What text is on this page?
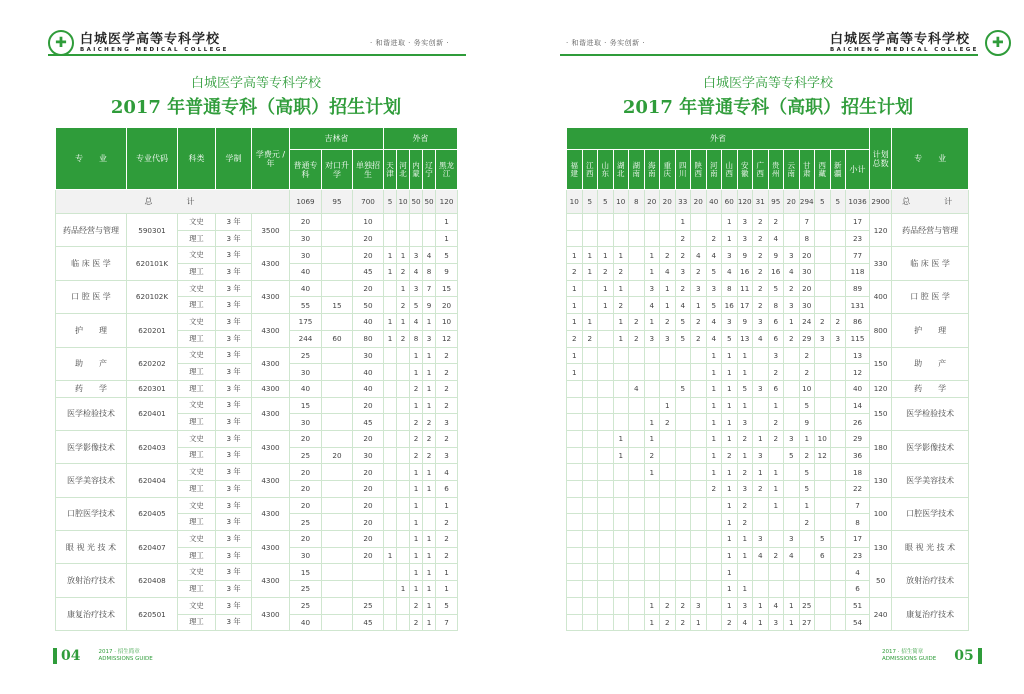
✚	白城医学高等专科学校
BAICHENG MEDICAL COLLEGE
· 和谐进取 · 务实创新 ·
白城医学高等专科学校
2017 年普通专科（高职）招生计划
专　　业	专业代码	科类	学制	学费元 / 年	吉林省			外省				
					普通专科	对口升学	单独招生	天津	河北	内蒙	辽宁	黑龙江
总　　计					1069	95	700	5	10	50	50	120
药品经营与管理	590301	文史	3 年	3500	20		10					1
		理工	3 年		30		20					1
临 床 医 学	620101K	文史	3 年	4300	30		20	1	1	3	4	5
		理工	3 年		40		45	1	2	4	8	9
口 腔 医 学	620102K	文史	3 年	4300	40		20		1	3	7	15
		理工	3 年		55	15	50		2	5	9	20
护　　理	620201	文史	3 年	4300	175		40	1	1	4	1	10
		理工	3 年		244	60	80	1	2	8	3	12
助　　产	620202	文史	3 年	4300	25		30			1	1	2
		理工	3 年		30		40			1	1	2
药　　学	620301	理工	3 年	4300	40		40			2	1	2
医学检验技术	620401	文史	3 年	4300	15		20			1	1	2
		理工	3 年		30		45			2	2	3
医学影像技术	620403	文史	3 年	4300	20		20			2	2	2
		理工	3 年		25	20	30			2	2	3
医学美容技术	620404	文史	3 年	4300	20		20			1	1	4
		理工	3 年		20		20			1	1	6
口腔医学技术	620405	文史	3 年	4300	20		20			1		1
		理工	3 年		25		20			1		2
眼 视 光 技 术	620407	文史	3 年	4300	20		20			1	1	2
		理工	3 年		30		20	1		1	1	2
放射治疗技术	620408	文史	3 年	4300	15					1	1	1
		理工	3 年		25				1	1	1	1
康复治疗技术	620501	文史	3 年	4300	25		25			2	1	5
		理工	3 年		40		45			2	1	7
04	2017 · 招生简章
ADMISSIONS GUIDE
· 和谐进取 · 务实创新 ·	白城医学高等专科学校
BAICHENG MEDICAL COLLEGE ✚
白城医学高等专科学校
2017 年普通专科（高职）招生计划
外省																			计划总数	专　　业
福建	江西	山东	湖北	湖南	海南	重庆	四川	陕西	河南	山西	安徽	广西	贵州	云南	甘肃	西藏	新疆	小计		
10	5	5	10	8	20	20	33	20	40	60	120	31	95	20	294	5	5	1036	2900	总　　计
							1			1	3	2	2		7			17	120	药品经营与管理
							2		2	1	3	2	4		8			23		
1	1	1	1		1	2	2	4	4	3	9	2	9	3	20			77	330	临 床 医 学
2	1	2	2		1	4	3	2	5	4	16	2	16	4	30			118		
1		1	1		3	1	2	3	3	8	11	2	5	2	20			89	400	口 腔 医 学
1		1	2		4	1	4	1	5	16	17	2	8	3	30			131		
1	1		1	2	1	2	5	2	4	3	9	3	6	1	24	2	2	86	800	护　　理
2	2		1	2	3	3	5	2	4	5	13	4	6	2	29	3	3	115		
1									1	1	1		3		2			13	150	助　　产
1									1	1	1		2		2			12		
				4			5		1	1	5	3	6		10			40	120	药　　学
						1			1	1	1		1		5			14	150	医学检验技术
					1	2			1	1	3		2		9			26		
			1		1				1	1	2	1	2	3	1	10		29	180	医学影像技术
			1		2				1	2	1	3		5	2	12		36		
					1				1	1	2	1	1		5			18	130	医学美容技术
									2	1	3	2	1		5			22		
										1	2		1		1			7	100	口腔医学技术
										1	2				2			8		
										1	1	3		3		5		17	130	眼 视 光 技 术
										1	1	4	2	4		6		23		
										1								4	50	放射治疗技术
										1	1							6		
					1	2	2	3		1	3	1	4	1	25			51	240	康复治疗技术
					1	2	2	1		2	4	1	3	1	27			54		
2017 · 招生简章
ADMISSIONS GUIDE 05
